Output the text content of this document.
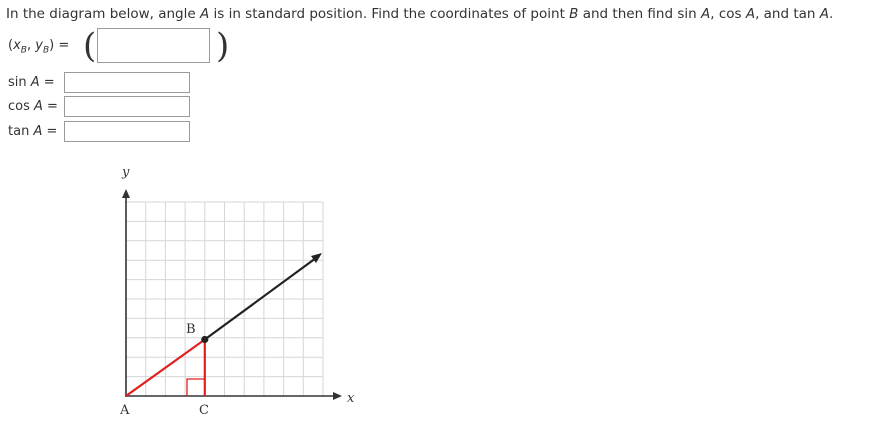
In the diagram below, angle A is in standard position. Find the coordinates of point B and then find sin A, cos A, and tan A.
($x_B$, $y_B$) = (	)
sin A =
cos A =
tan A =
y
x
A
B
C
